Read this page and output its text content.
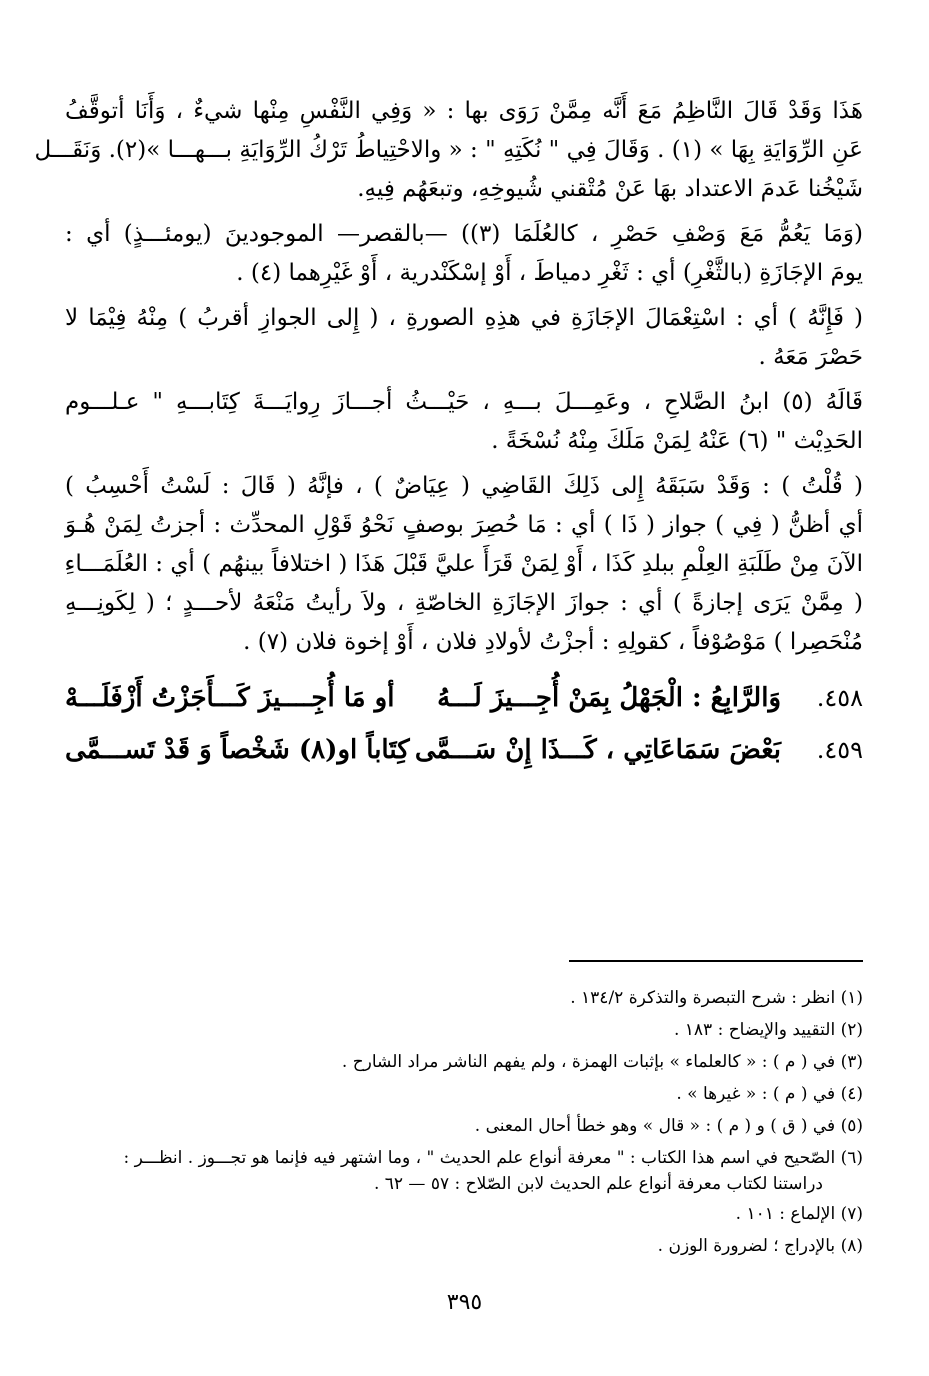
هَذَا وَقَدْ قَالَ النَّاظِمُ مَعَ أَنَّه مِمَّنْ رَوَى بها : « وَفِي النَّفْسِ مِنْها شيءٌ ، وَأَنَا أتوقَّفُ
عَنِ الرِّوَايَةِ بِهَا » (١) . وَقَالَ فِي " نُكَتِهِ " : « والاحْتِياطُ تَرْكُ الرِّوَايَةِ بـــهـــا »(٢). وَنَقَـــل
شَيْخُنا عَدمَ الاعتداد بهَا عَنْ مُتْقني شُيوخِهِ، وتبعَهُم فِيهِ.
(وَمَا يَعُمُّ مَعَ وَصْفِ حَصْرِ ، كالعُلَمَا (٣)) —بالقصر— الموجودينَ (يومئـــذٍ) أي :
يومَ الإجَازَةِ (بالثَّغْرِ) أي : ثَغْرِ دمياطَ ، أَوْ إسْكَنْدرية ، أَوْ غَيْرِهما (٤) .
( فَإِنَّهُ ) أي : اسْتِعْمَالَ الإجَازَةِ في هذِهِ الصورةِ ، ( إِلى الجوازِ أقربُ ) مِنْهُ فِيْمَا لا
حَصْرَ مَعَهُ .
قَالَهُ (٥) ابنُ الصَّلاحِ ، وعَمِـــلَ بـــهِ ، حَيْـــثُ أجـــازَ رِوايَـــةَ كِتَابـــهِ " عـلـــوم
الحَدِيْث " (٦) عَنْهُ لِمَنْ مَلَكَ مِنْهُ نُسْخَةً .
( قُلْتُ ) : وَقَدْ سَبَقَهُ إِلى ذَلِكَ القَاضِي ( عِيَاضٌ ) ، فإنَّهُ ( قَالَ : لَسْتُ أَحْسِبُ )
أي أظنُّ ( فِي ) جواز ( ذَا ) أي : مَا حُصِرَ بوصفٍ نَحْوُ قَوْلِ المحدِّث : أجزتُ لِمَنْ هُـوَ
الآنَ مِنْ طَلَبَةِ العِلْمِ ببلدِ كَذَا ، أَوْ لِمَنْ قَرَأَ عليَّ قَبْلَ هَذَا ( اختلافاً بينهُم ) أي : العُلَمَـــاءِ
( مِمَّنْ يَرَى إجازةً ) أي : جوازَ الإجَازَةِ الخاصّةِ ، ولاَ رأيتُ مَنْعَهُ لأحـــدٍ ؛ ( لِكَونِـــهِ
مُنْحَصِرا ) مَوْصُوْفاً ، كقولِهِ : أجزْتُ لأولادِ فلان ، أَوْ إخوة فلان (٧) .
٤٥٨.
وَالرَّابِعُ : الْجَهْلُ بِمَنْ أُجِـــيزَ لَـــهُ
أو مَا أُجِــــيزَ كَـــأَجَزْتُ أَزْفَلَـــهْ
٤٥٩.
بَعْضَ سَمَاعَاتِي ، كَـــذَا إِنْ سَـــمَّى
كِتَاباً او(٨) شَخْصاً وَ قَدْ تَســـمَّى
(١) انظر : شرح التبصرة والتذكرة ١٣٤/٢ .
(٢) التقييد والإيضاح : ١٨٣ .
(٣) في ( م ) : « كالعلماء » بإثبات الهمزة ، ولم يفهم الناشر مراد الشارح .
(٤) في ( م ) : « غيرها » .
(٥) في ( ق ) و ( م ) : « قال » وهو خطأ أحال المعنى .
(٦) الصّحيح في اسم هذا الكتاب : " معرفة أنواع علم الحديث " ، وما اشتهر فيه فإنما هو تجـــوز . انظـــر :
دراستنا لكتاب معرفة أنواع علم الحديث لابن الصّلاح : ٥٧ — ٦٢ .
(٧) الإلماع : ١٠١ .
(٨) بالإدراج ؛ لضرورة الوزن .
٣٩٥
